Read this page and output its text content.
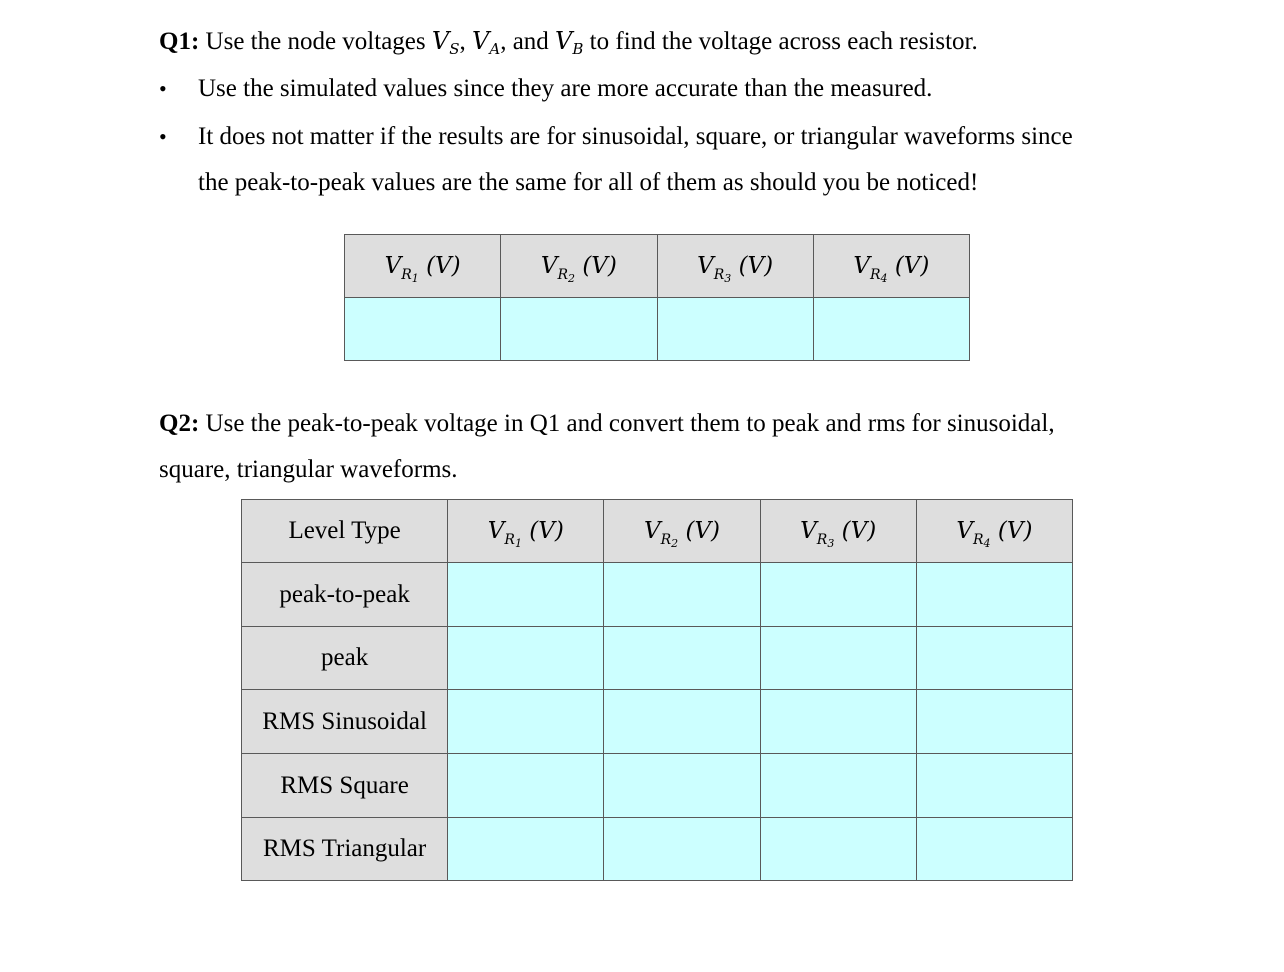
Q1: Use the node voltages $V_S$, $V_A$, and $V_B$ to find the voltage across each resistor.
• Use the simulated values since they are more accurate than the measured.
• It does not matter if the results are for sinusoidal, square, or triangular waveforms since
the peak-to-peak values are the same for all of them as should you be noticed!
$V_{R_1}$ (V)	$V_{R_2}$ (V)	$V_{R_3}$ (V)	$V_{R_4}$ (V)

Q2: Use the peak-to-peak voltage in Q1 and convert them to peak and rms for sinusoidal,
square, triangular waveforms.
Level Type	$V_{R_1}$ (V)	$V_{R_2}$ (V)	$V_{R_3}$ (V)	$V_{R_4}$ (V)
peak-to-peak				
peak				
RMS Sinusoidal				
RMS Square				
RMS Triangular				
